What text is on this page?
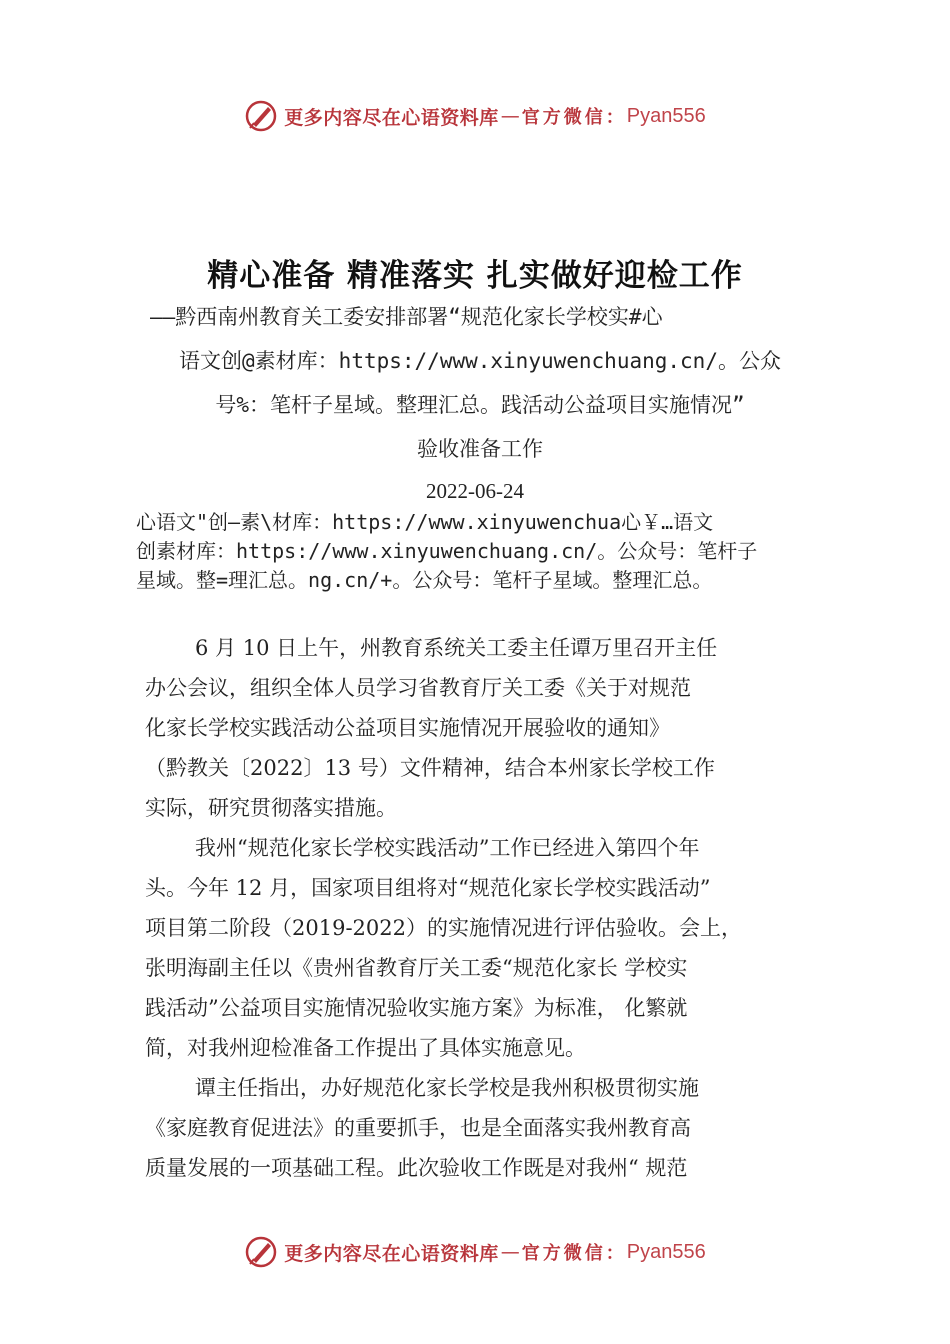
更多内容尽在心语资料库 — 官方微信： Pyan556
精心准备 精准落实 扎实做好迎检工作

——黔西南州教育关工委安排部署“规范化家长学校实#心

语文创@素材库：https://www.xinyuwenchuang.cn/。公众

号%：笔杆子星域。整理汇总。践活动公益项目实施情况”

验收准备工作

2022-06-24

心语文"创—素\材库：https://www.xinyuwenchua心￥…语文

创素材库：https://www.xinyuwenchuang.cn/。公众号：笔杆子

星域。整=理汇总。ng.cn/+。公众号：笔杆子星域。整理汇总。

6 月 10 日上午，州教育系统关工委主任谭万里召开主任

办公会议，组织全体人员学习省教育厅关工委《关于对规范

化家长学校实践活动公益项目实施情况开展验收的通知》

（黔教关〔2022〕13 号）文件精神，结合本州家长学校工作

实际，研究贯彻落实措施。

我州“规范化家长学校实践活动”工作已经进入第四个年

头。今年 12 月，国家项目组将对“规范化家长学校实践活动”

项目第二阶段（2019-2022）的实施情况进行评估验收。会上，

张明海副主任以《贵州省教育厅关工委“规范化家长 学校实

践活动”公益项目实施情况验收实施方案》为标准， 化繁就

简，对我州迎检准备工作提出了具体实施意见。

谭主任指出，办好规范化家长学校是我州积极贯彻实施

《家庭教育促进法》的重要抓手，也是全面落实我州教育高

质量发展的一项基础工程。此次验收工作既是对我州“ 规范

更多内容尽在心语资料库 — 官方微信： Pyan556
